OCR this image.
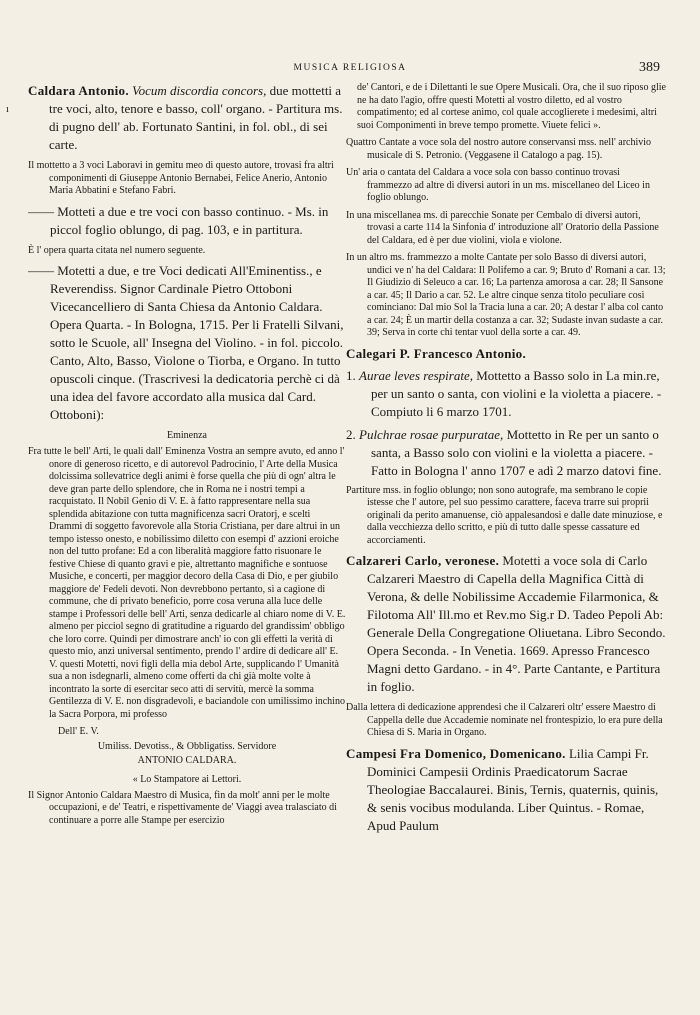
MUSICA RELIGIOSA	389
ı

Caldara Antonio. Vocum discordia concors, due mottetti a tre voci, alto, tenore e basso, coll' organo. - Partitura ms. di pugno dell' ab. Fortunato Santini, in fol. obl., di sei carte.

Il mottetto a 3 voci Laboravi in gemitu meo di questo autore, trovasi fra altri componimenti di Giuseppe Antonio Bernabei, Felice Anerio, Antonio Maria Abbatini e Stefano Fabri.

—— Motteti a due e tre voci con basso continuo. - Ms. in piccol foglio oblungo, di pag. 103, e in partitura.

È l' opera quarta citata nel numero seguente.

—— Motetti a due, e tre Voci dedicati All'Eminentiss., e Reverendiss. Signor Cardinale Pietro Ottoboni Vicecancelliero di Santa Chiesa da Antonio Caldara. Opera Quarta. - In Bologna, 1715. Per li Fratelli Silvani, sotto le Scuole, all' Insegna del Violino. - in fol. piccolo. Canto, Alto, Basso, Violone o Tiorba, e Organo. In tutto opuscoli cinque. (Trascrivesi la dedicatoria perchè ci dà una idea del favore accordato alla musica dal Card. Ottoboni):

Eminenza

Fra tutte le bell' Arti, le quali dall' Eminenza Vostra an sempre avuto, ed anno l' onore di generoso ricetto, e di autorevol Padrocinio, l' Arte della Musica dolcissima sollevatrice degli animi è forse quella che più di ogn' altra le deve gran parte dello splendore, che in Roma ne i nostri tempi a racquistato. Il Nobil Genio di V. E. à fatto rappresentare nella sua splendida abitazione con tutta magnificenza sacri Oratorj, e scelti Drammi di soggetto favorevole alla Storia Cristiana, per dare altrui in un tempo istesso onesto, e nobilissimo diletto con esempi d' azzioni eroiche non del tutto profane: Ed a con liberalità maggiore fatto risuonare le festive Chiese di quanto gravi e pie, altrettanto magnifiche e sontuose Musiche, e concerti, per maggior decoro della Casa di Dio, e per giubilo maggiore de' Fedeli devoti. Non devrebbono pertanto, sì a cagione di commune, che di privato beneficio, porre cosa veruna alla luce delle stampe i Professori delle bell' Arti, senza dedicarle al chiaro nome di V. E. almeno per picciol segno di gratitudine a riguardo del grandissim' obbligo che loro corre. Quindi per dimostrare anch' io con gli effetti la verità di questo mio, anzi universal sentimento, prendo l' ardire di dedicare all' E. V. questi Motetti, novi figli della mia debol Arte, supplicando l' Umanità sua a non isdegnarli, almeno come offerti da chi già molte volte à incontrato la sorte di esercitar seco atti di servitù, mercè la somma Gentilezza di V. E. non disgradevoli, e baciandole con umilissimo inchino la Sacra Porpora, mi professo

Dell' E. V.
Umiliss. Devotiss., & Obbligatiss. Servidore
ANTONIO CALDARA.
« Lo Stampatore ai Lettori.

Il Signor Antonio Caldara Maestro di Musica, fin da molt' anni per le molte occupazioni, e de' Teatri, e rispettivamente de' Viaggi avea tralasciato di continuare a porre alle Stampe per esercizio

de' Cantori, e de i Dilettanti le sue Opere Musicali. Ora, che il suo riposo glie ne ha dato l'agio, offre questi Motetti al vostro diletto, ed al vostro compatimento; ed al cortese animo, col quale accoglierete i medesimi, altri suoi Componimenti in breve tempo promette. Viuete felici ».

Quattro Cantate a voce sola del nostro autore conservansi mss. nell' archivio musicale di S. Petronio. (Veggasene il Catalogo a pag. 15).

Un' aria o cantata del Caldara a voce sola con basso continuo trovasi frammezzo ad altre di diversi autori in un ms. miscellaneo del Liceo in foglio oblungo.

In una miscellanea ms. di parecchie Sonate per Cembalo di diversi autori, trovasi a carte 114 la Sinfonia d' introduzione all' Oratorio della Passione del Caldara, ed è per due violini, viola e violone.

In un altro ms. frammezzo a molte Cantate per solo Basso di diversi autori, undici ve n' ha del Caldara: Il Polifemo a car. 9; Bruto d' Romani a car. 13; Il Giudizio di Seleuco a car. 16; La partenza amorosa a car. 28; Il Sansone a car. 45; Il Dario a car. 52. Le altre cinque senza titolo peculiare così cominciano: Dal mio Sol la Tracia luna a car. 20; A destar l' alba col canto a car. 24; È un martir della costanza a car. 32; Sudaste invan sudaste a car. 39; Serva in corte chi tentar vuol della sorte a car. 49.

Calegari P. Francesco Antonio.

1. Aurae leves respirate, Mottetto a Basso solo in La min.re, per un santo o santa, con violini e la violetta a piacere. - Compiuto li 6 marzo 1701.

2. Pulchrae rosae purpuratae, Mottetto in Re per un santo o santa, a Basso solo con violini e la violetta a piacere. - Fatto in Bologna l' anno 1707 e adì 2 marzo datovi fine.

Partiture mss. in foglio oblungo; non sono autografe, ma sembrano le copie istesse che l' autore, pel suo pessimo carattere, faceva trarre sui proprii originali da perito amanuense, ciò appalesandosi e dalle date minuziose, e dalla vecchiezza dello scritto, e più di tutto dalle spesse cassature ed accorciamenti.

Calzareri Carlo, veronese. Motetti a voce sola di Carlo Calzareri Maestro di Capella della Magnifica Città di Verona, & delle Nobilissime Accademie Filarmonica, & Filotoma All' Ill.mo et Rev.mo Sig.r D. Tadeo Pepoli Ab: Generale Della Congregatione Oliuetana. Libro Secondo. Opera Seconda. - In Venetia. 1669. Apresso Francesco Magni detto Gardano. - in 4°. Parte Cantante, e Partitura in foglio.

Dalla lettera di dedicazione apprendesi che il Calzareri oltr' essere Maestro di Cappella delle due Accademie nominate nel frontespizio, lo era pure della Chiesa di S. Maria in Organo.

Campesi Fra Domenico, Domenicano. Lilia Campi Fr. Dominici Campesii Ordinis Praedicatorum Sacrae Theologiae Baccalaurei. Binis, Ternis, quaternis, quinis, & senis vocibus modulanda. Liber Quintus. - Romae, Apud Paulum
